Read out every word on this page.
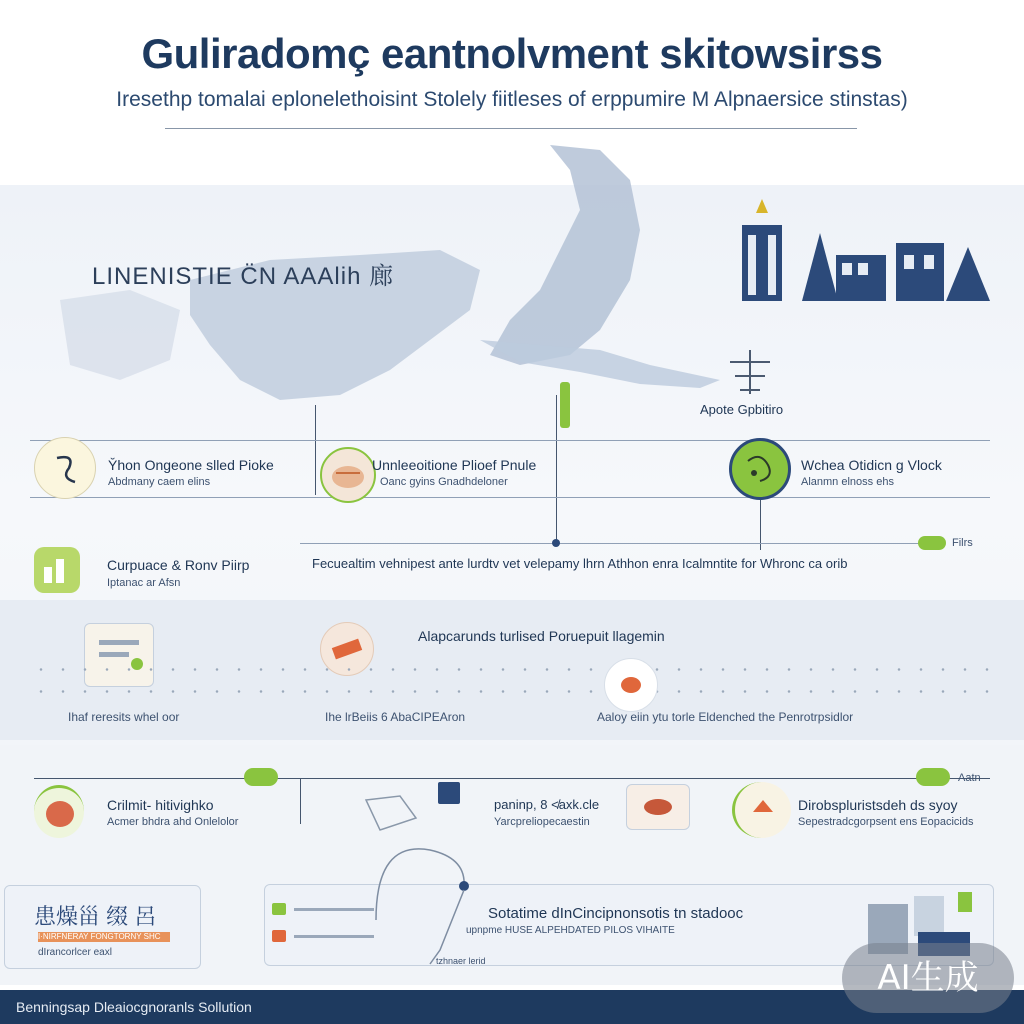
Gulirad​omç eantnolvment skitowsirss
Iresethp tomal​ai eplonelethoisint Stolely fiitleses of erppumire M Alpnaersice stinstas)
LINENISTIE C̈N AAAlih 廊
Apote Gpbitiro
Y̆hon Ongeone slled Pioke
Abdmany caem elins
Unnleeoitione Plioef Pnule
Oanc gyins Gnadhdeloner
Wchea Otidicn g Vlock
Alanmn elnoss ehs
Filrs
Curpuace & Ronv Piirp
Iptanac ar Afsn
Fecuealtim vehnipest ante lurdtv vet velepamy lhrn Athhon enra Icalmntite for Whronc ca orib
Alapcarunds turlised Poruepuit llagemin
Ihaf reresits whel oor	Ihe lrBeiis 6 AbaCIPEAron	Aaloy eiin ytu torle Eldenched the Penrotrpsidlor
Aatn
Crilmit- hitivighko
Acmer bhdra ahd Onlelolor
paninp, 8 ≮axk.cle
Yarcpreliopecaestin
Dirobspluristsdeh ds syoy
Sepestradcgorpsent ens Eopacicids
患燥甾 缀 呂
I·NIRFNERAY FONGTORNY SHC
dIrancorlcer eaxl
tzhnaer lerid
Sotatime dInCincipnonsotis tn stadooc
upnpme HUSE ALPEHDATED PILOS VIHAITE
Benningsap Dleaiocgnoranls Sollution
AI生成
